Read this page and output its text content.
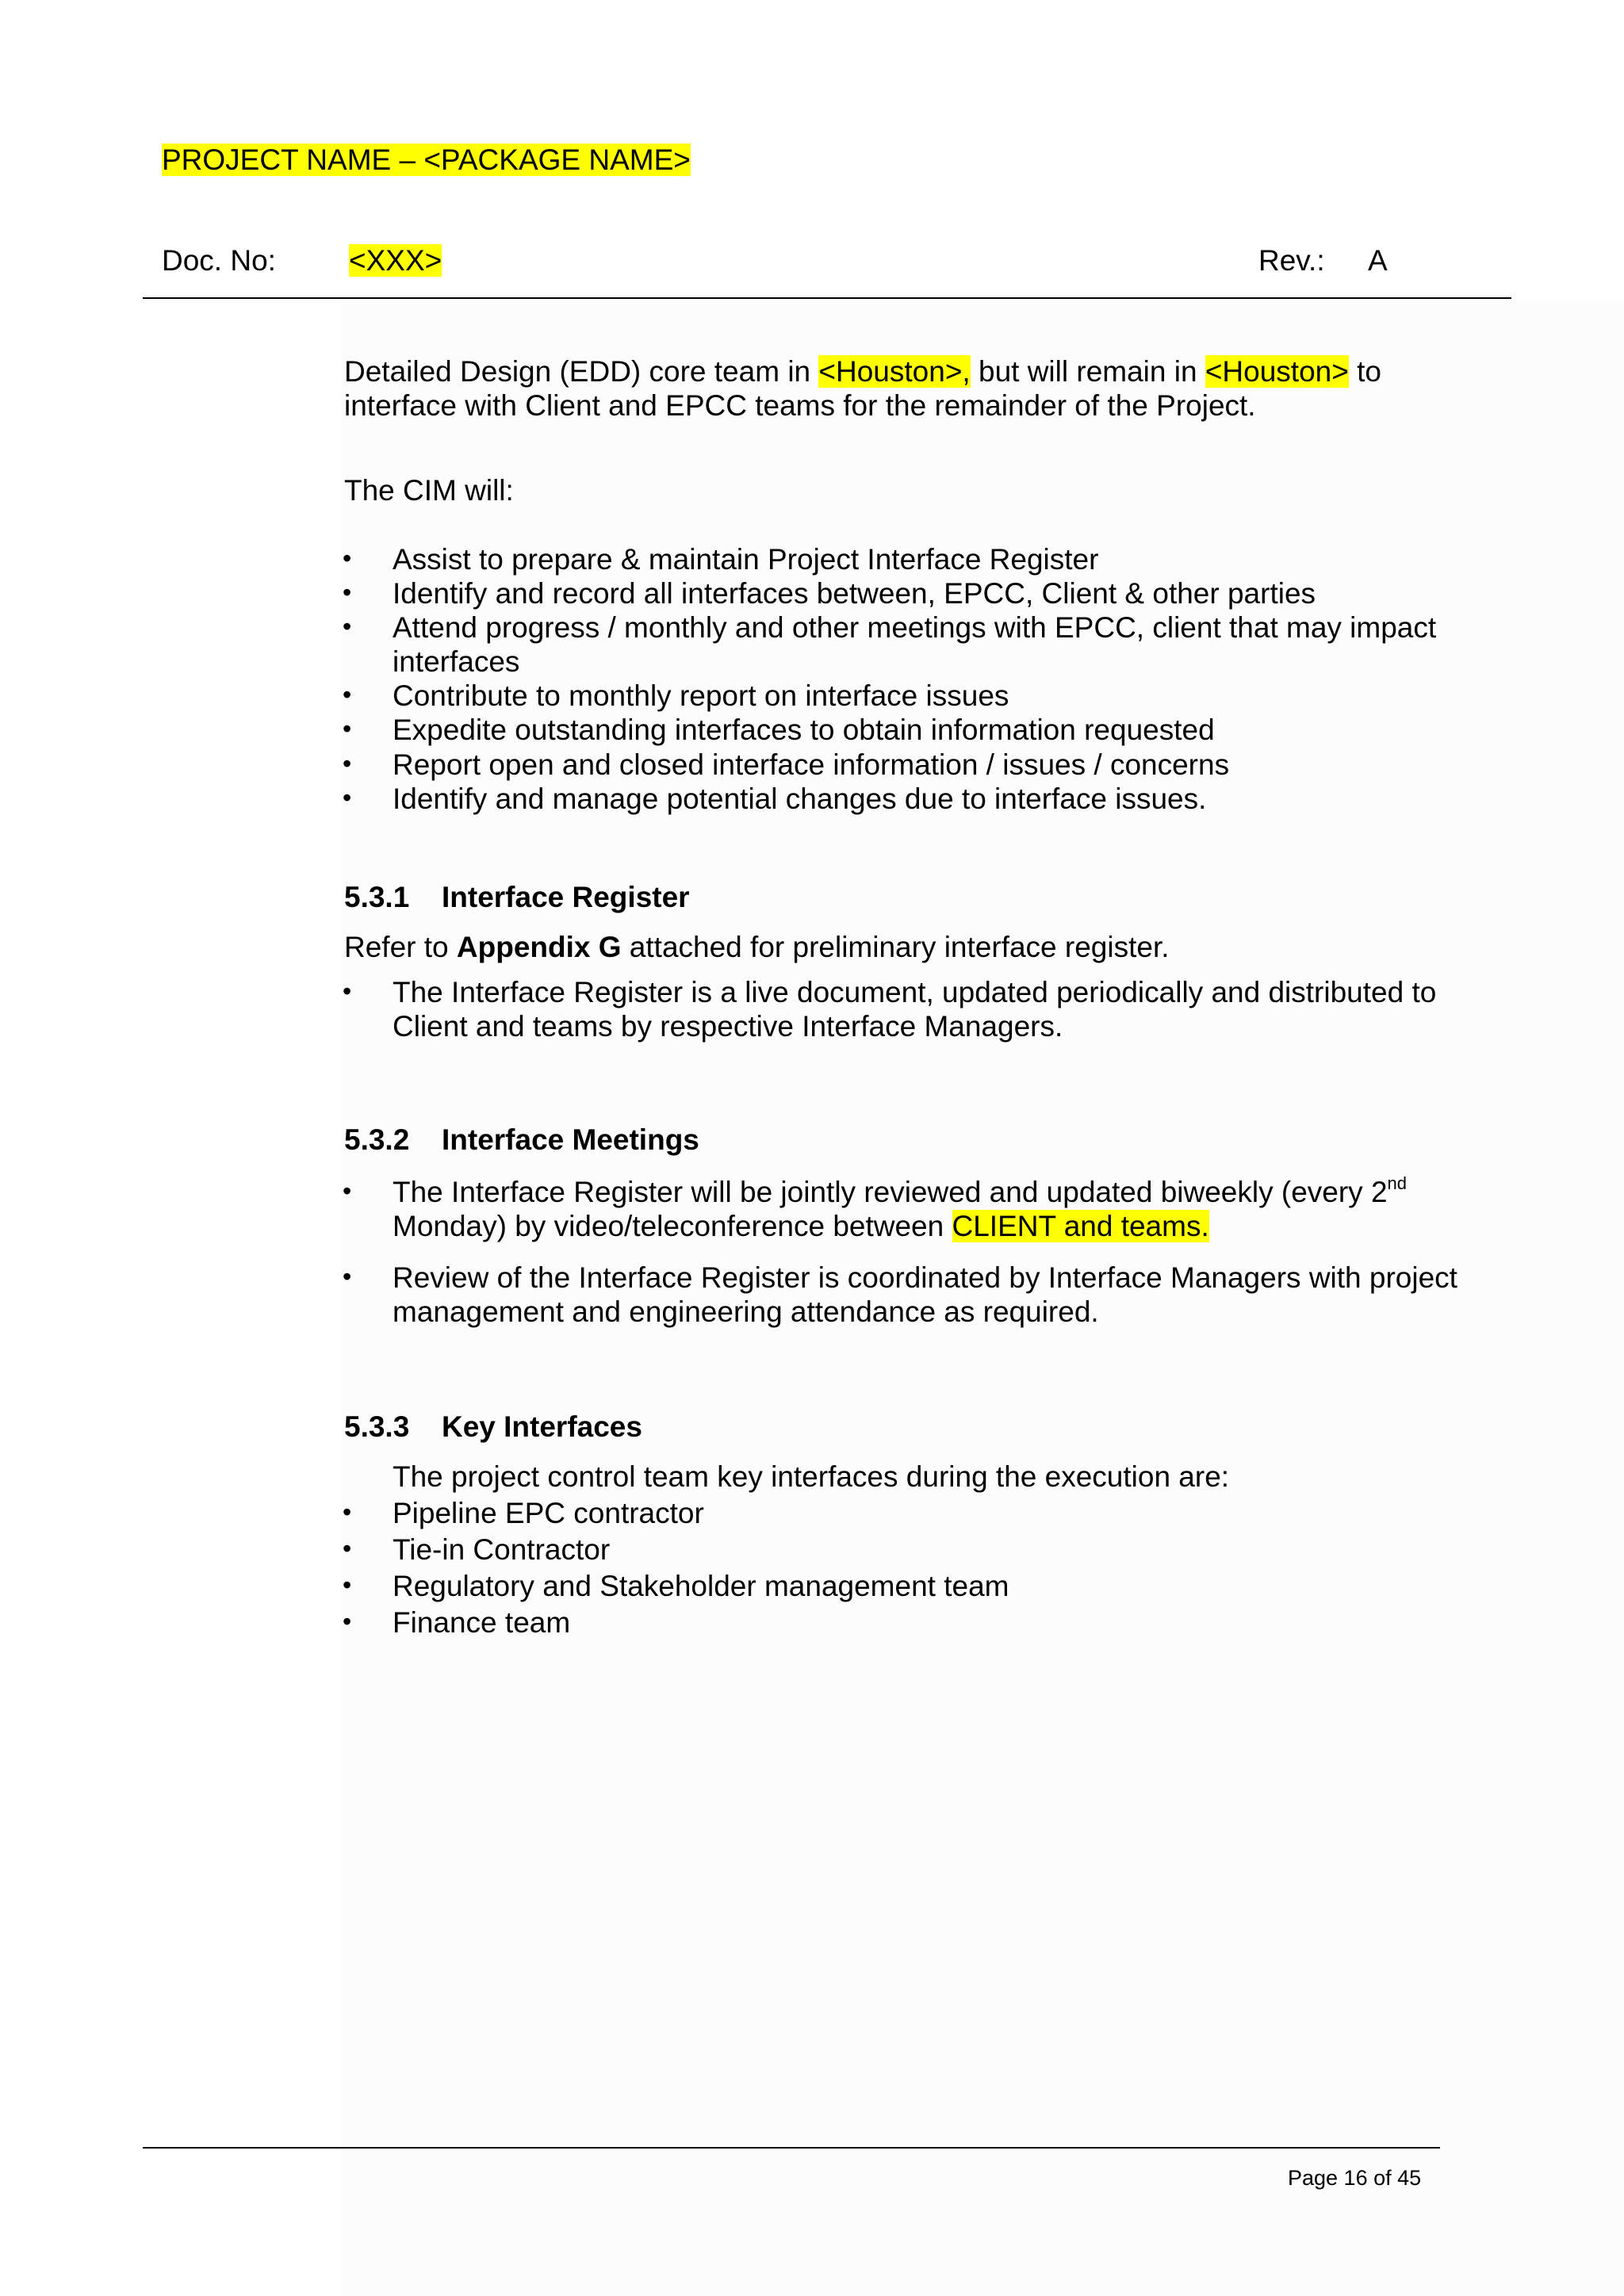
PROJECT NAME – <PACKAGE NAME>
Doc. No: <XXX>	Rev.: A
Detailed Design (EDD) core team in <Houston>, but will remain in <Houston> to
interface with Client and EPCC teams for the remainder of the Project.
The CIM will:
• Assist to prepare & maintain Project Interface Register
• Identify and record all interfaces between, EPCC, Client & other parties
• Attend progress / monthly and other meetings with EPCC, client that may impact
interfaces
• Contribute to monthly report on interface issues
• Expedite outstanding interfaces to obtain information requested
• Report open and closed interface information / issues / concerns
• Identify and manage potential changes due to interface issues.
5.3.1 Interface Register
Refer to Appendix G attached for preliminary interface register.
• The Interface Register is a live document, updated periodically and distributed to
Client and teams by respective Interface Managers.
5.3.2 Interface Meetings
• The Interface Register will be jointly reviewed and updated biweekly (every 2nd
Monday) by video/teleconference between CLIENT and teams.
• Review of the Interface Register is coordinated by Interface Managers with project
management and engineering attendance as required.
5.3.3 Key Interfaces
The project control team key interfaces during the execution are:
• Pipeline EPC contractor
• Tie-in Contractor
• Regulatory and Stakeholder management team
• Finance team
Page 16 of 45
